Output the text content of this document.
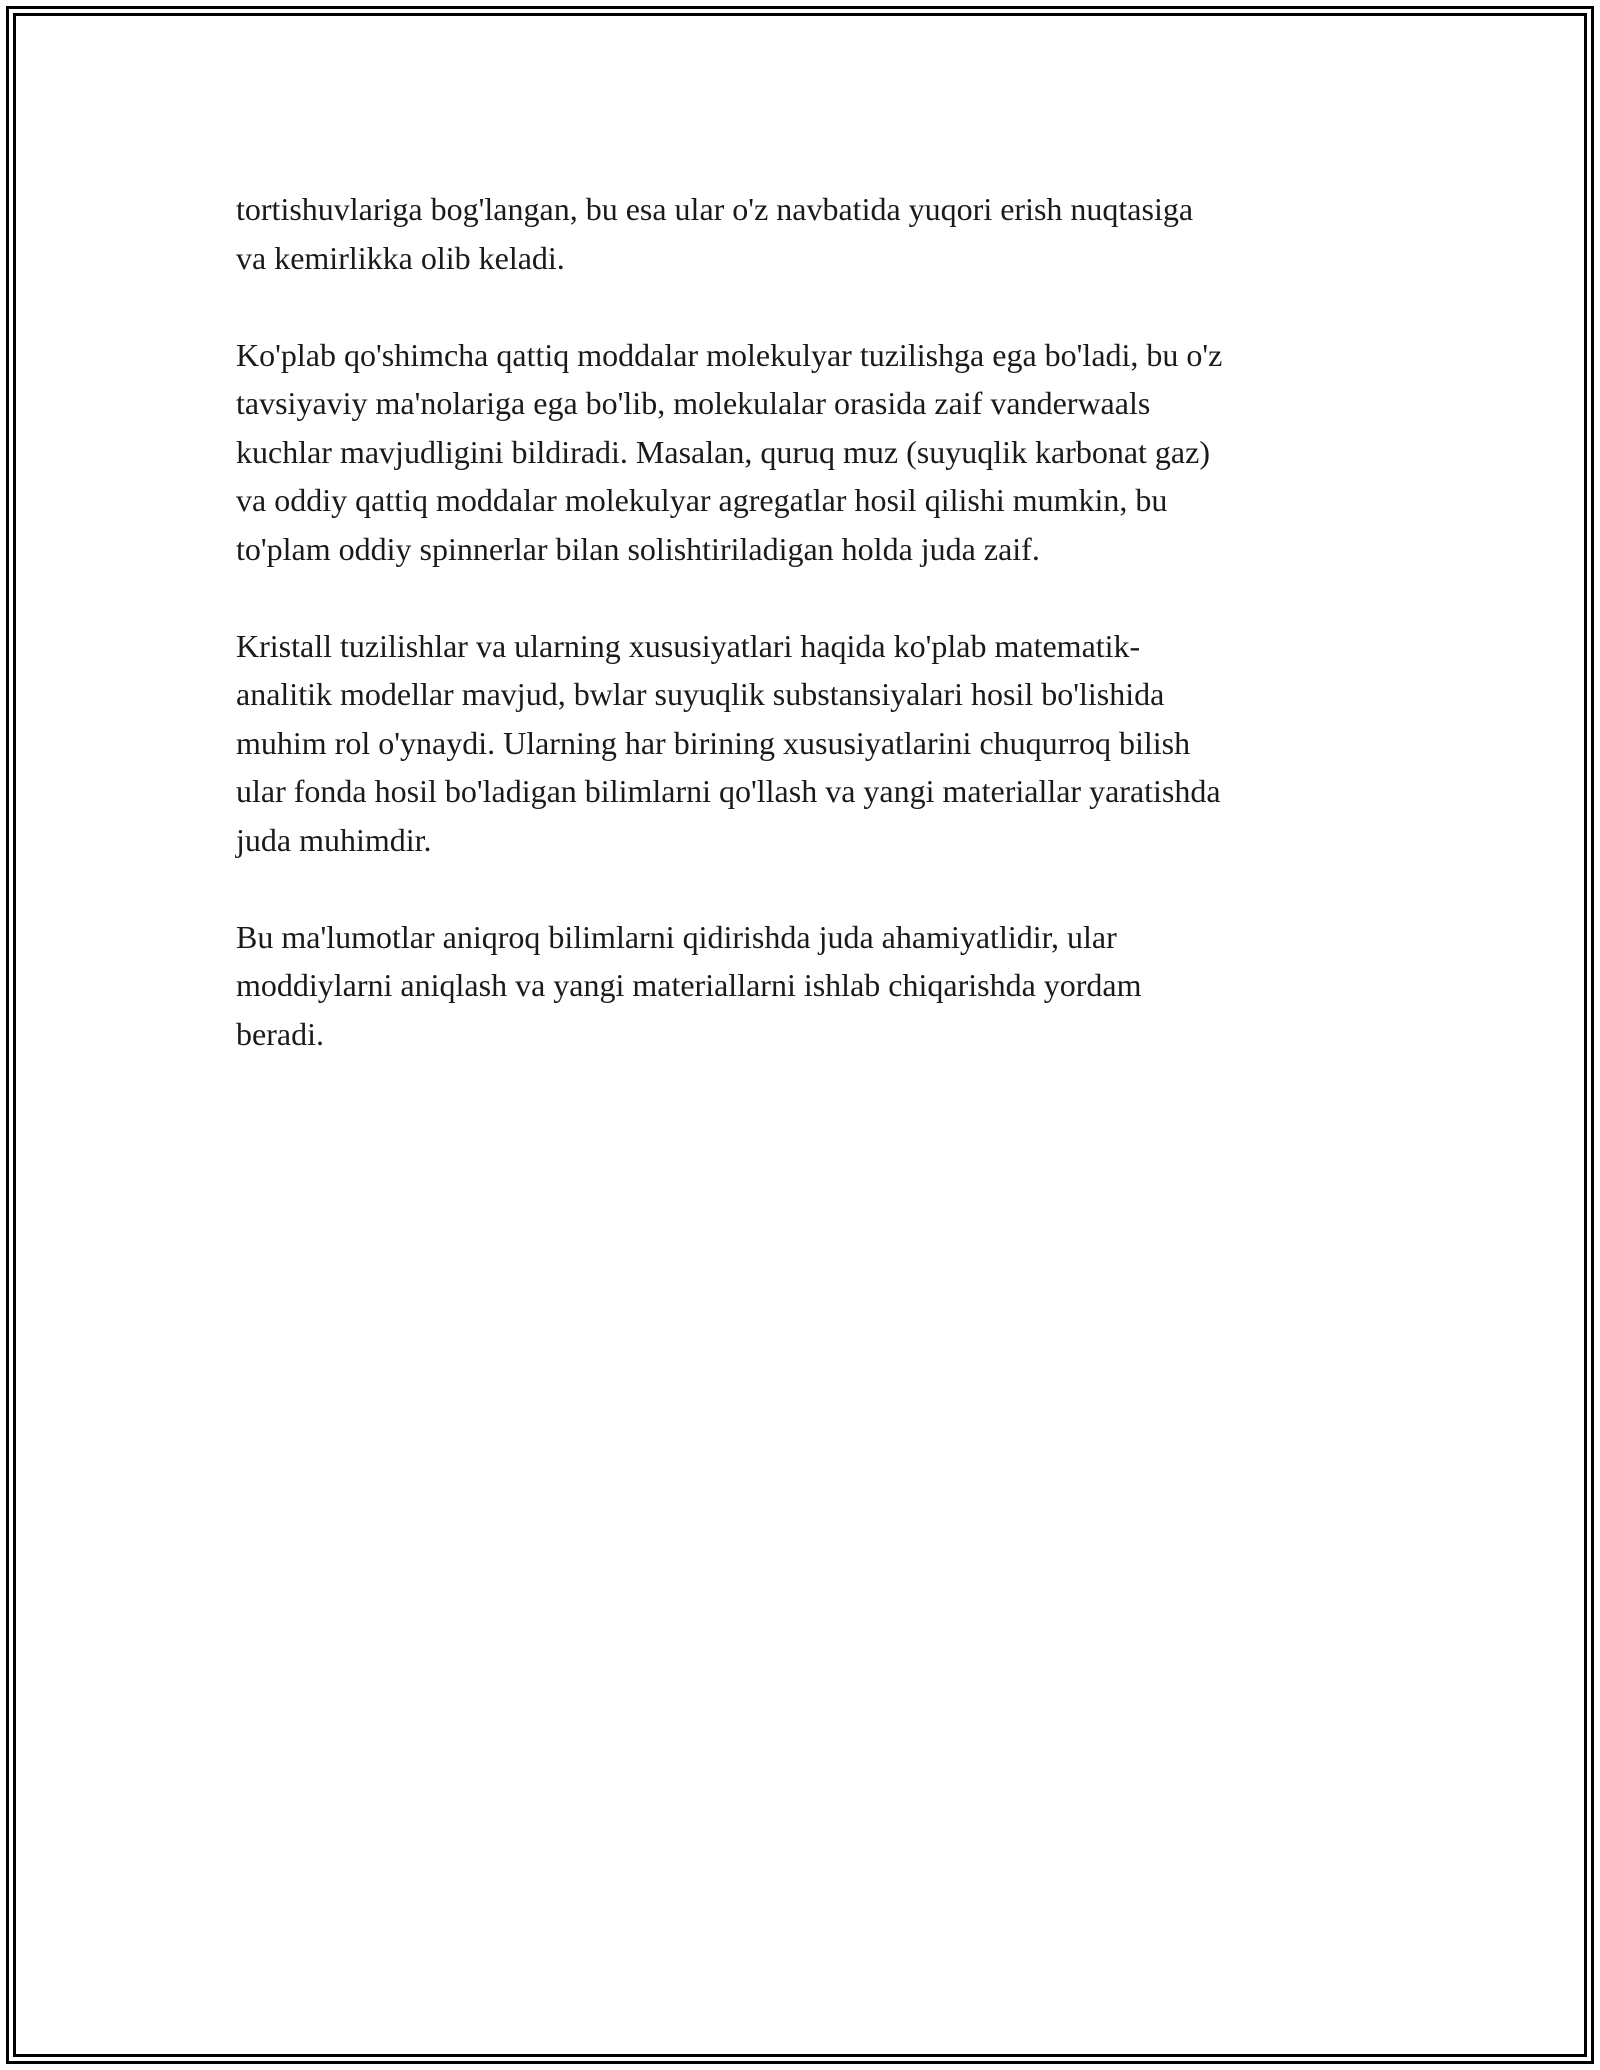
tortishuvlariga bog'langan, bu esa ular o'z navbatida yuqori erish nuqtasiga
va kemirlikka olib keladi.

Ko'plab qo'shimcha qattiq moddalar molekulyar tuzilishga ega bo'ladi, bu o'z
tavsiyaviy ma'nolariga ega bo'lib, molekulalar orasida zaif vanderwaals
kuchlar mavjudligini bildiradi. Masalan, quruq muz (suyuqlik karbonat gaz)
va oddiy qattiq moddalar molekulyar agregatlar hosil qilishi mumkin, bu
to'plam oddiy spinnerlar bilan solishtiriladigan holda juda zaif.

Kristall tuzilishlar va ularning xususiyatlari haqida ko'plab matematik-
analitik modellar mavjud, bwlar suyuqlik substansiyalari hosil bo'lishida
muhim rol o'ynaydi. Ularning har birining xususiyatlarini chuqurroq bilish
ular fonda hosil bo'ladigan bilimlarni qo'llash va yangi materiallar yaratishda
juda muhimdir.

Bu ma'lumotlar aniqroq bilimlarni qidirishda juda ahamiyatlidir, ular
moddiylarni aniqlash va yangi materiallarni ishlab chiqarishda yordam
beradi.
